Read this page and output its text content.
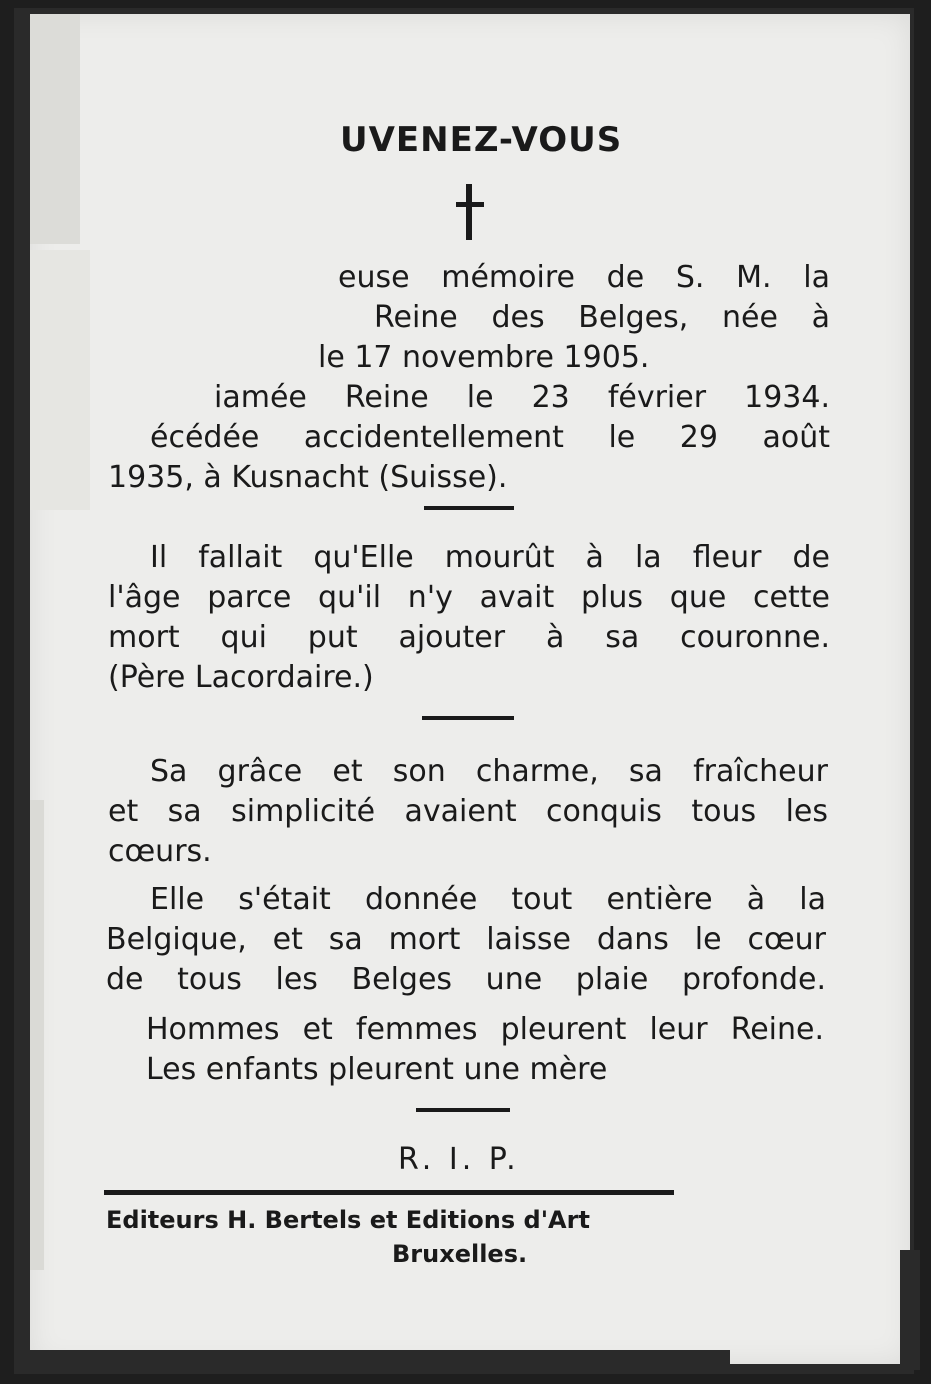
UVENEZ-VOUS
euse mémoire de S. M. la
Reine des Belges, née à
le 17 novembre 1905.
iamée Reine le 23 février 1934.
écédée accidentellement le 29 août
1935, à Kusnacht (Suisse).
Il fallait qu'Elle mourût à la fleur de
l'âge parce qu'il n'y avait plus que cette
mort qui put ajouter à sa couronne.
(Père Lacordaire.)
Sa grâce et son charme, sa fraîcheur
et sa simplicité avaient conquis tous les
cœurs.
Elle s'était donnée tout entière à la
Belgique, et sa mort laisse dans le cœur
de tous les Belges une plaie profonde.
Hommes et femmes pleurent leur Reine.
Les enfants pleurent une mère
R. I. P.
Editeurs H. Bertels et Editions d'Art
Bruxelles.
